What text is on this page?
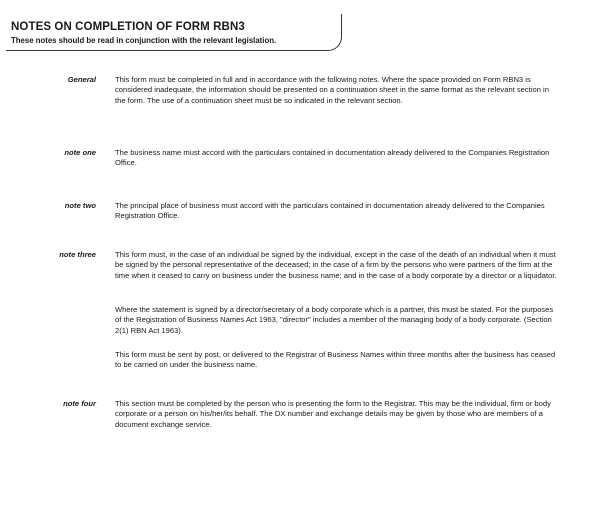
NOTES ON COMPLETION OF FORM RBN3
These notes should be read in conjunction with the relevant legislation.
General	This form must be completed in full and in accordance with the following notes. Where the space provided on Form RBN3 is considered inadequate, the information should be presented on a continuation sheet in the same format as the relevant section in the form. The use of a continuation sheet must be so indicated in the relevant section.

note one	The business name must accord with the particulars contained in documentation already delivered to the Companies Registration Office.

note two	The principal place of business must accord with the particulars contained in documentation already delivered to the Companies Registration Office.

note three	This form must, in the case of an individual be signed by the individual, except in the case of the death of an individual when it must be signed by the personal representative of the deceased; in the case of a firm by the persons who were partners of the firm at the time when it ceased to carry on business under the business name; and in the case of a body corporate by a director or a liquidator.

Where the statement is signed by a director/secretary of a body corporate which is a partner, this must be stated. For the purposes of the Registration of Business Names Act 1963, "director" includes a member of the managing body of a body corporate. (Section 2(1) RBN Act 1963).

This form must be sent by post, or delivered to the Registrar of Business Names within three months after the business has ceased to be carried on under the business name.

note four	This section must be completed by the person who is presenting the form to the Registrar. This may be the individual, firm or body corporate or a person on his/her/its behalf. The DX number and exchange details may be given by those who are members of a document exchange service.
